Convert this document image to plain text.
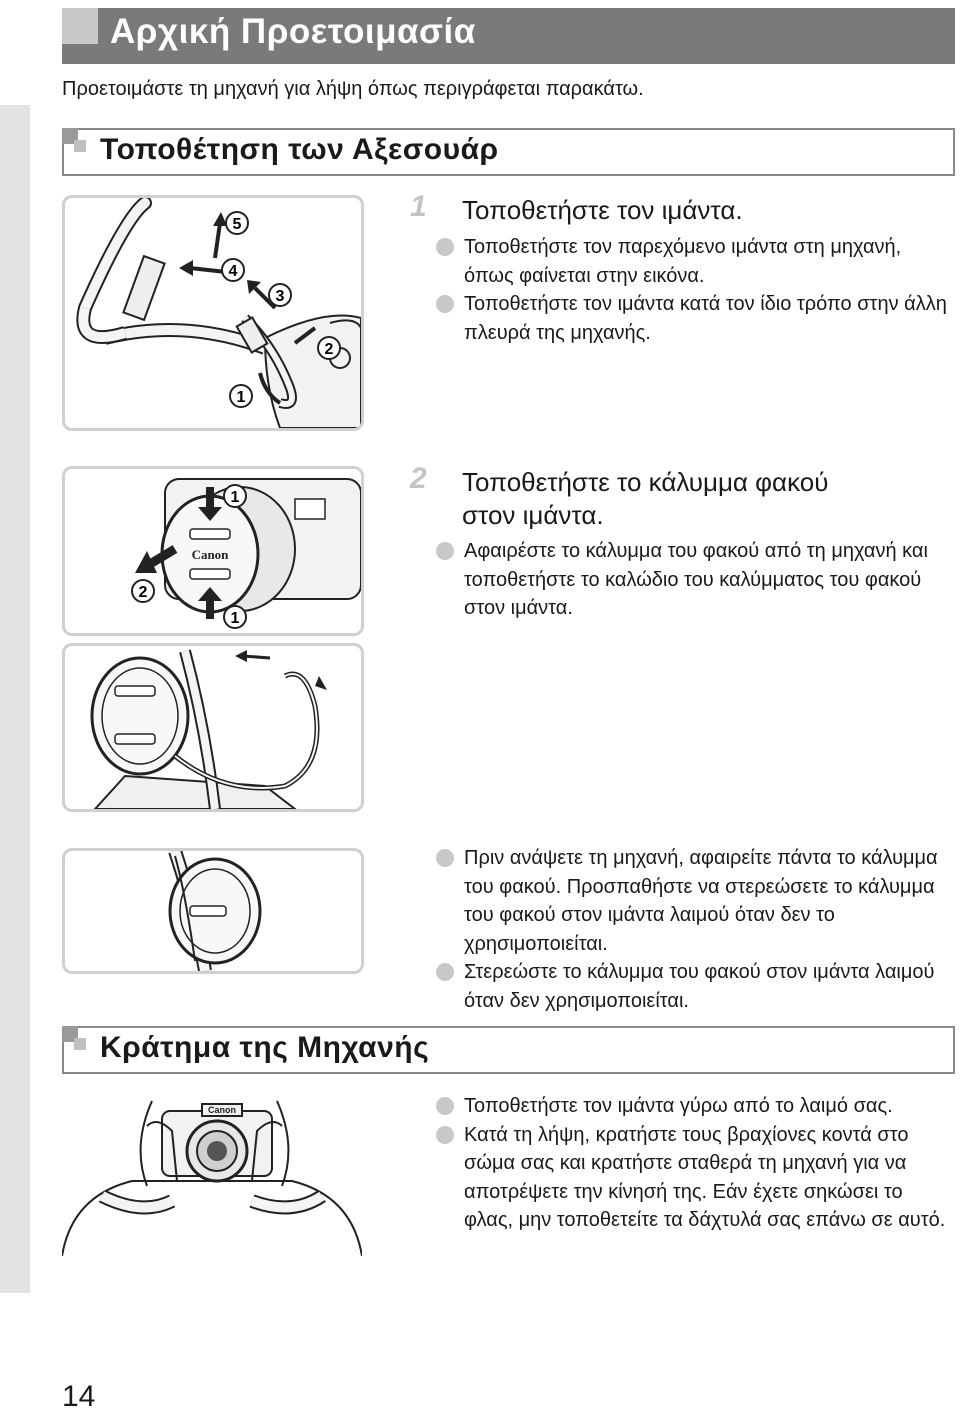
Αρχική Προετοιμασία
Προετοιμάστε τη μηχανή για λήψη όπως περιγράφεται παρακάτω.
Τοποθέτηση των Αξεσουάρ
5
4
3
2
1
1 Τοποθετήστε τον ιμάντα.
Τοποθετήστε τον παρεχόμενο ιμάντα στη μηχανή, όπως φαίνεται στην εικόνα.
Τοποθετήστε τον ιμάντα κατά τον ίδιο τρόπο στην άλλη πλευρά της μηχανής.
Canon
1
2
1
2 Τοποθετήστε το κάλυμμα φακού
στον ιμάντα.
Αφαιρέστε το κάλυμμα του φακού από τη μηχανή και τοποθετήστε το καλώδιο του καλύμματος του φακού στον ιμάντα.
Πριν ανάψετε τη μηχανή, αφαιρείτε πάντα το κάλυμμα του φακού. Προσπαθήστε να στερεώσετε το κάλυμμα του φακού στον ιμάντα λαιμού όταν δεν το χρησιμοποιείται.
Στερεώστε το κάλυμμα του φακού στον ιμάντα λαιμού όταν δεν χρησιμοποιείται.
Κράτημα της Μηχανής
Canon	Τοποθετήστε τον ιμάντα γύρω από το λαιμό σας.
Κατά τη λήψη, κρατήστε τους βραχίονες κοντά στο σώμα σας και κρατήστε σταθερά τη μηχανή για να αποτρέψετε την κίνησή της. Εάν έχετε σηκώσει το φλας, μην τοποθετείτε τα δάχτυλά σας επάνω σε αυτό.
14
